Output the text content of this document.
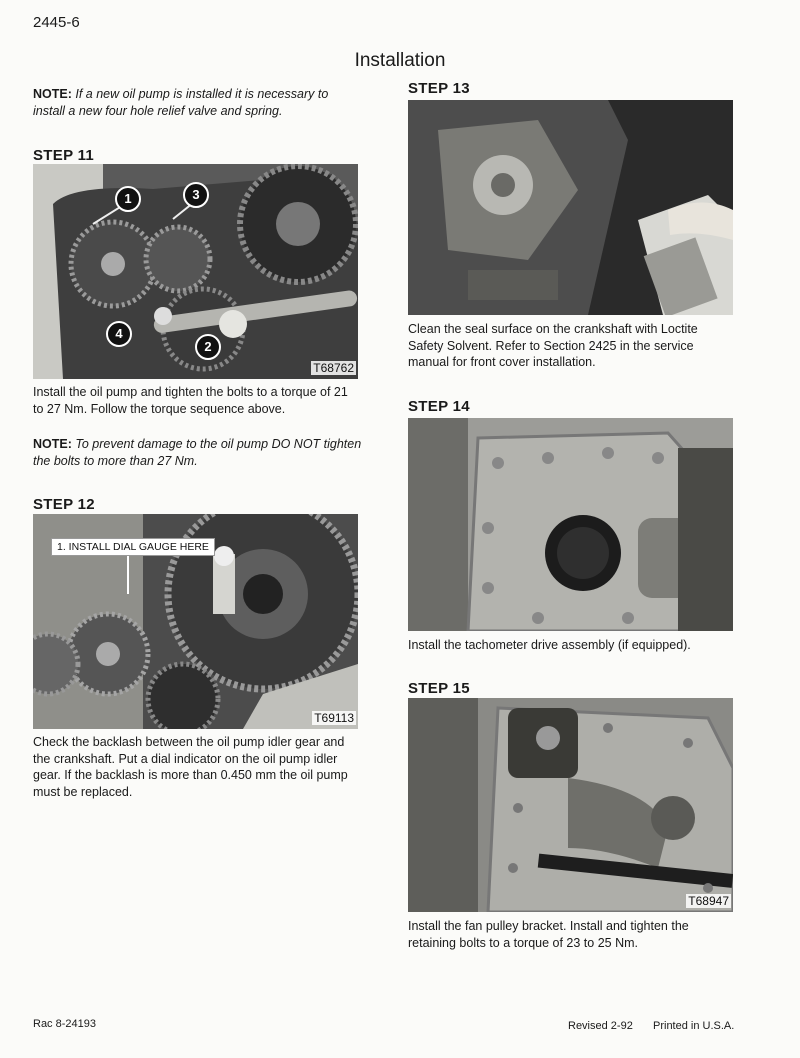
2445-6
Installation
NOTE: If a new oil pump is installed it is necessary to install a new four hole relief valve and spring.
STEP 11
1	3
2
4
T68762
Install the oil pump and tighten the bolts to a torque of 21 to 27 Nm. Follow the torque sequence above.
NOTE: To prevent damage to the oil pump DO NOT tighten the bolts to more than 27 Nm.
STEP 12
1. INSTALL DIAL GAUGE HERE
T69113
Check the backlash between the oil pump idler gear and the crankshaft. Put a dial indicator on the oil pump idler gear. If the backlash is more than 0.450 mm the oil pump must be replaced.
STEP 13
Clean the seal surface on the crankshaft with Loctite Safety Solvent. Refer to Section 2425 in the service manual for front cover installation.
STEP 14
Install the tachometer drive assembly (if equipped).
STEP 15
T68947
Install the fan pulley bracket. Install and tighten the retaining bolts to a torque of 23 to 25 Nm.
Rac 8-24193	Revised 2-92 Printed in U.S.A.
